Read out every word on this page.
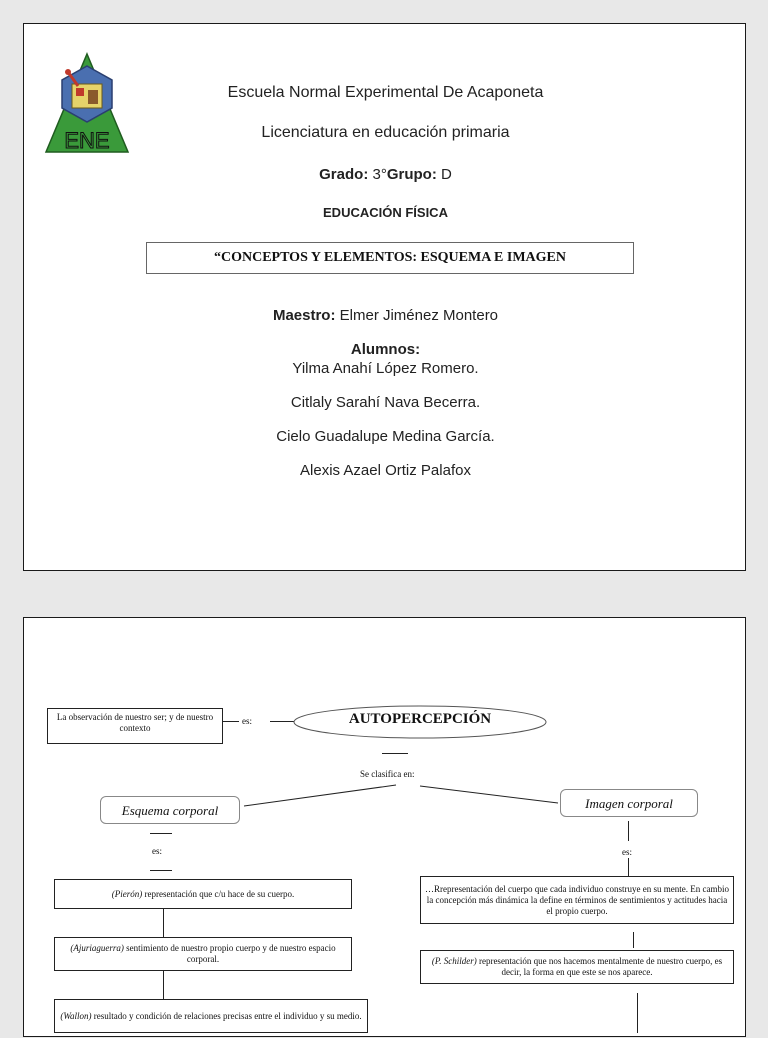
ENE
Escuela Normal Experimental De Acaponeta
Licenciatura en educación primaria
Grado: 3°Grupo: D
EDUCACIÓN FÍSICA
“CONCEPTOS Y ELEMENTOS: ESQUEMA E IMAGEN
Maestro: Elmer Jiménez Montero
Alumnos:
Yilma Anahí López Romero.
Citlaly Sarahí Nava Becerra.
Cielo Guadalupe Medina García.
Alexis Azael Ortiz Palafox
La observación de nuestro ser; y de nuestro contexto
es:	AUTOPERCEPCIÓN
Se clasifica en:
Esquema corporal	Imagen corporal
es:	es:
(Pierón) representación que c/u hace de su cuerpo.
(Ajuriaguerra) sentimiento de nuestro propio cuerpo y de nuestro espacio corporal.
(Wallon) resultado y condición de relaciones precisas entre el individuo y su medio.
…Rrepresentación del cuerpo que cada individuo construye en su mente. En cambio la concepción más dinámica la define en términos de sentimientos y actitudes hacia el propio cuerpo.
(P. Schilder) representación que nos hacemos mentalmente de nuestro cuerpo, es decir, la forma en que este se nos aparece.
